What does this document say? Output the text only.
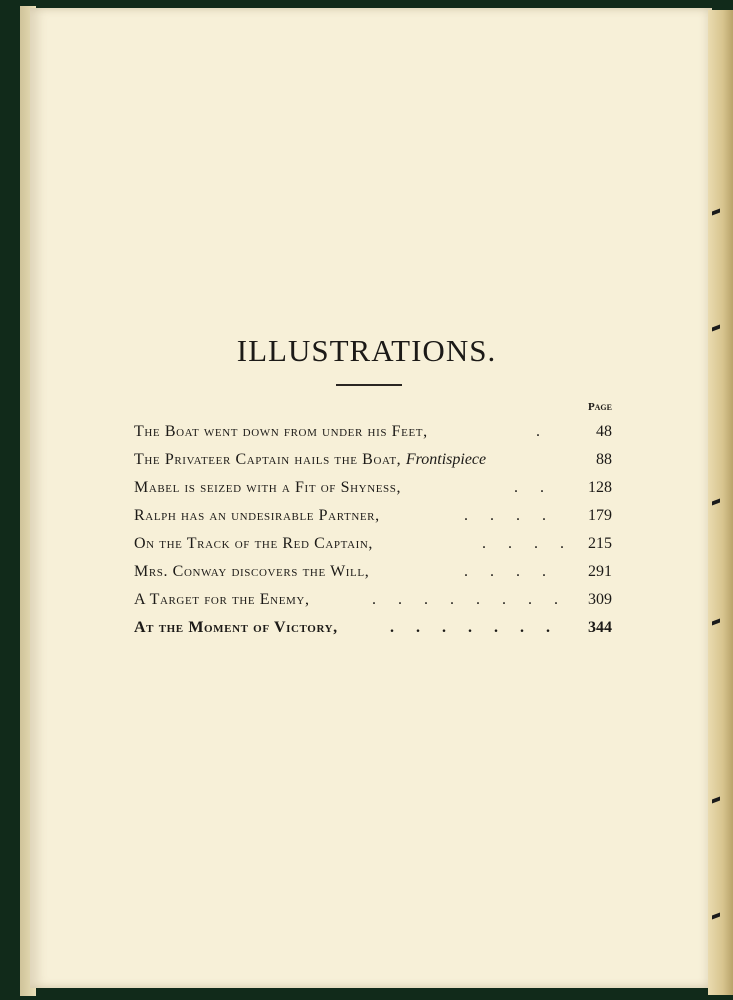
ILLUSTRATIONS.
Page
The Boat went down from under his Feet,	.	48
The Privateer Captain hails the Boat, Frontispiece	88
Mabel is seized with a Fit of Shyness,	. . 128
Ralph has an undesirable Partner,	. . . . 179
On the Track of the Red Captain,	. . . . 215
Mrs. Conway discovers the Will,	. . . . 291
A Target for the Enemy,	. . . . . . . . 309
At the Moment of Victory,	. . . . . . . 344
